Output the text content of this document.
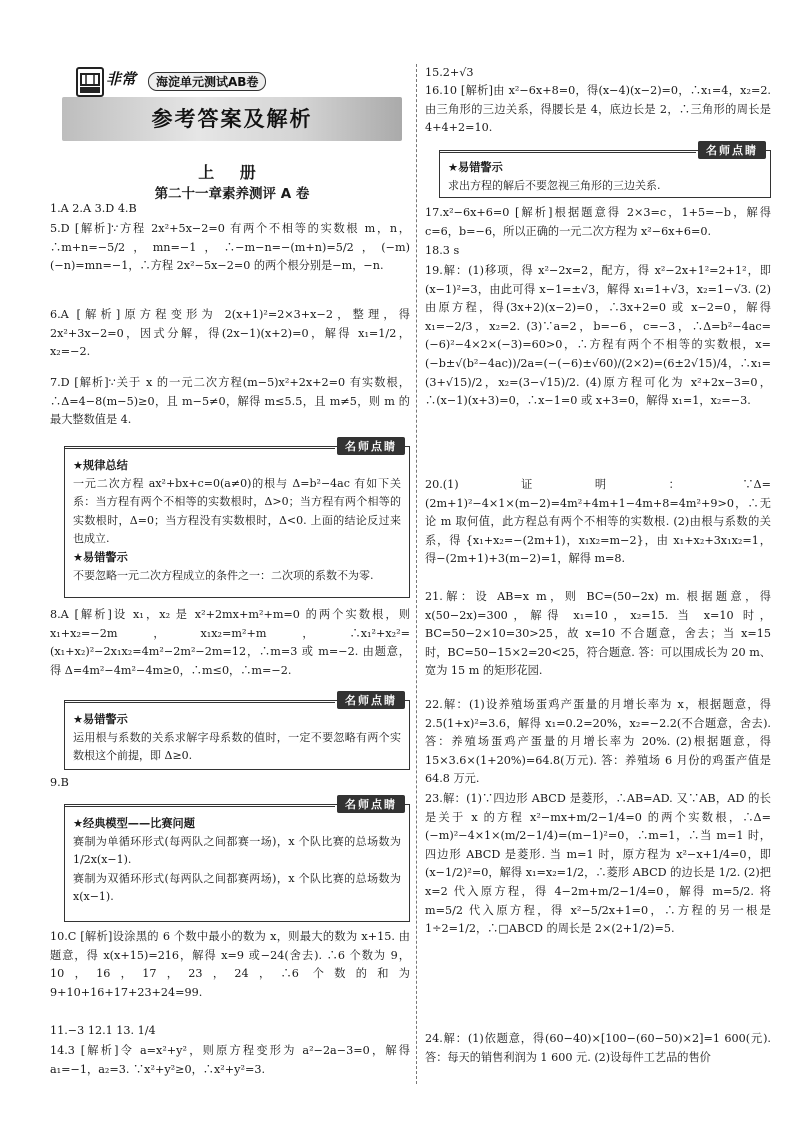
非常	海淀单元测试AB卷
参考答案及解析
上 册
第二十一章素养测评 A 卷

1.A 2.A 3.D 4.B

5.D [解析]∵方程 2x²+5x−2=0 有两个不相等的实数根 m，n，∴m+n=−5/2，mn=−1，∴−m−n=−(m+n)=5/2，(−m)(−n)=mn=−1，∴方程 2x²−5x−2=0 的两个根分别是−m，−n.

6.A [解析]原方程变形为 2(x+1)²=2×3+x−2，整理，得 2x²+3x−2=0，因式分解，得(2x−1)(x+2)=0，解得 x₁=1/2，x₂=−2.

7.D [解析]∵关于 x 的一元二次方程(m−5)x²+2x+2=0 有实数根，∴Δ=4−8(m−5)≥0，且 m−5≠0，解得 m≤5.5，且 m≠5，则 m 的最大整数值是 4.

名师点睛

★规律总结

一元二次方程 ax²+bx+c=0(a≠0)的根与 Δ=b²−4ac 有如下关系：当方程有两个不相等的实数根时，Δ>0；当方程有两个相等的实数根时，Δ=0；当方程没有实数根时，Δ<0. 上面的结论反过来也成立.

★易错警示

不要忽略一元二次方程成立的条件之一：二次项的系数不为零.

8.A [解析]设 x₁，x₂ 是 x²+2mx+m²+m=0 的两个实数根，则 x₁+x₂=−2m，x₁x₂=m²+m，∴x₁²+x₂²=(x₁+x₂)²−2x₁x₂=4m²−2m²−2m=12，∴m=3 或 m=−2. 由题意，得 Δ=4m²−4m²−4m≥0，∴m≤0，∴m=−2.

名师点睛

★易错警示

运用根与系数的关系求解字母系数的值时，一定不要忽略有两个实数根这个前提，即 Δ≥0.

9.B

名师点睛

★经典模型——比赛问题

赛制为单循环形式(每两队之间都赛一场)，x 个队比赛的总场数为 1/2x(x−1).

赛制为双循环形式(每两队之间都赛两场)，x 个队比赛的总场数为 x(x−1).

10.C [解析]设涂黑的 6 个数中最小的数为 x，则最大的数为 x+15. 由题意，得 x(x+15)=216，解得 x=9 或−24(舍去). ∴6 个数为 9，10，16，17，23，24，∴6 个数的和为 9+10+16+17+23+24=99.

11.−3 12.1 13. 1/4

14.3 [解析]令 a=x²+y²，则原方程变形为 a²−2a−3=0，解得 a₁=−1，a₂=3. ∵x²+y²≥0，∴x²+y²=3.

15.2+√3

16.10 [解析]由 x²−6x+8=0，得(x−4)(x−2)=0，∴x₁=4，x₂=2. 由三角形的三边关系，得腰长是 4，底边长是 2，∴三角形的周长是 4+4+2=10.

名师点睛

★易错警示

求出方程的解后不要忽视三角形的三边关系.

17.x²−6x+6=0 [解析]根据题意得 2×3=c，1+5=−b，解得 c=6，b=−6，所以正确的一元二次方程为 x²−6x+6=0.

18.3 s

19.解：(1)移项，得 x²−2x=2，配方，得 x²−2x+1²=2+1²，即(x−1)²=3，由此可得 x−1=±√3，解得 x₁=1+√3，x₂=1−√3. (2)由原方程，得(3x+2)(x−2)=0，∴3x+2=0 或 x−2=0，解得 x₁=−2/3，x₂=2. (3)∵a=2，b=−6，c=−3，∴Δ=b²−4ac=(−6)²−4×2×(−3)=60>0，∴方程有两个不相等的实数根，x=(−b±√(b²−4ac))/2a=(−(−6)±√60)/(2×2)=(6±2√15)/4，∴x₁=(3+√15)/2，x₂=(3−√15)/2. (4)原方程可化为 x²+2x−3=0，∴(x−1)(x+3)=0，∴x−1=0 或 x+3=0，解得 x₁=1，x₂=−3.

20.(1)证明：∵Δ=(2m+1)²−4×1×(m−2)=4m²+4m+1−4m+8=4m²+9>0，∴无论 m 取何值，此方程总有两个不相等的实数根. (2)由根与系数的关系，得 {x₁+x₂=−(2m+1)，x₁x₂=m−2}，由 x₁+x₂+3x₁x₂=1，得−(2m+1)+3(m−2)=1，解得 m=8.

21.解：设 AB=x m，则 BC=(50−2x) m. 根据题意，得 x(50−2x)=300，解得 x₁=10，x₂=15. 当 x=10 时，BC=50−2×10=30>25，故 x=10 不合题意，舍去；当 x=15 时，BC=50−15×2=20<25，符合题意. 答：可以围成长为 20 m、宽为 15 m 的矩形花园.

22.解：(1)设养殖场蛋鸡产蛋量的月增长率为 x，根据题意，得 2.5(1+x)²=3.6，解得 x₁=0.2=20%，x₂=−2.2(不合题意，舍去). 答：养殖场蛋鸡产蛋量的月增长率为 20%. (2)根据题意，得 15×3.6×(1+20%)=64.8(万元). 答：养殖场 6 月份的鸡蛋产值是 64.8 万元.

23.解：(1)∵四边形 ABCD 是菱形，∴AB=AD. 又∵AB，AD 的长是关于 x 的方程 x²−mx+m/2−1/4=0 的两个实数根，∴Δ=(−m)²−4×1×(m/2−1/4)=(m−1)²=0，∴m=1，∴当 m=1 时，四边形 ABCD 是菱形. 当 m=1 时，原方程为 x²−x+1/4=0，即(x−1/2)²=0，解得 x₁=x₂=1/2，∴菱形 ABCD 的边长是 1/2. (2)把 x=2 代入原方程，得 4−2m+m/2−1/4=0，解得 m=5/2. 将 m=5/2 代入原方程，得 x²−5/2x+1=0，∴方程的另一根是 1÷2=1/2，∴□ABCD 的周长是 2×(2+1/2)=5.

24.解：(1)依题意，得(60−40)×[100−(60−50)×2]=1 600(元). 答：每天的销售利润为 1 600 元. (2)设每件工艺品的售价
